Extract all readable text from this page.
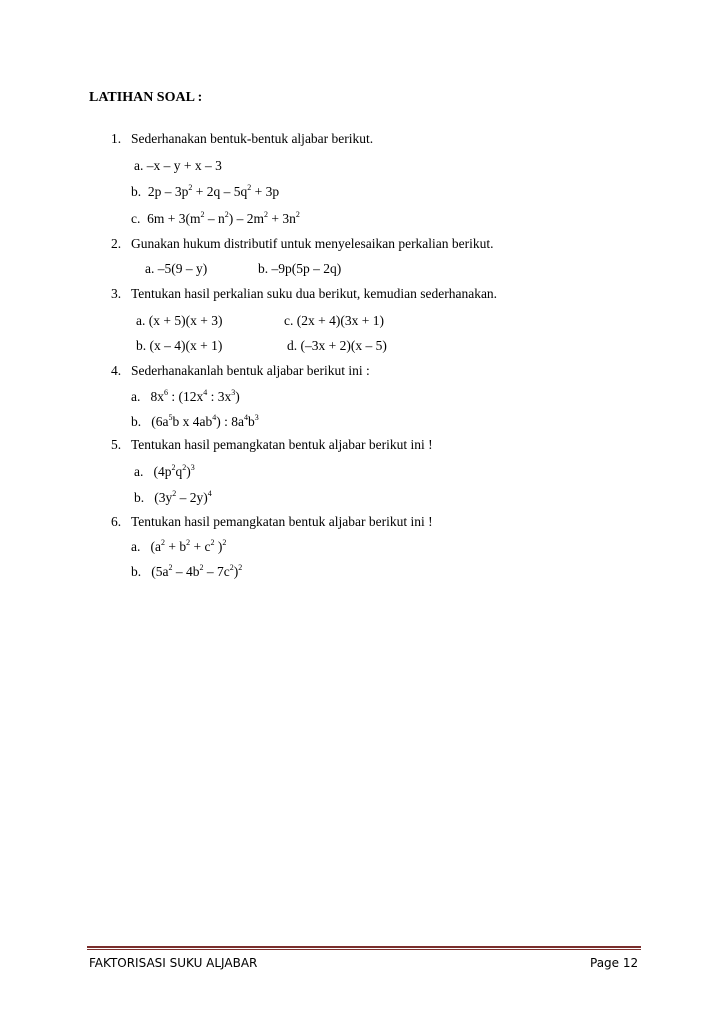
LATIHAN SOAL :
1. Sederhanakan bentuk-bentuk aljabar berikut.
a. –x – y + x – 3
b.  $2p - 3p^2 + 2q - 5q^2 + 3p$
c.  $6m + 3(m^2 - n^2) - 2m^2 + 3n^2$
2. Gunakan hukum distributif untuk menyelesaikan perkalian berikut.
a. –5(9 – y)	b. –9p(5p – 2q)
3. Tentukan hasil perkalian suku dua berikut, kemudian sederhanakan.
a. (x + 5)(x + 3)	c. (2x + 4)(3x + 1)
b. (x – 4)(x + 1)	d. (–3x + 2)(x – 5)
4. Sederhanakanlah bentuk aljabar berikut ini :
a.   $8x^6$ : ($12x^4$ : $3x^3$)
b.   ($6a^5b$ x $4ab^4$) : $8a^4b^3$
5. Tentukan hasil pemangkatan bentuk aljabar berikut ini !
a.   $(4p^2q^2)^3$
b.   $(3y^2 - 2y)^4$
6. Tentukan hasil pemangkatan bentuk aljabar berikut ini !
a.   ($a^2 + b^2 + c^2$ )$^2$
b.   $(5a^2 - 4b^2 - 7c^2)^2$
FAKTORISASI SUKU ALJABAR	Page 12
